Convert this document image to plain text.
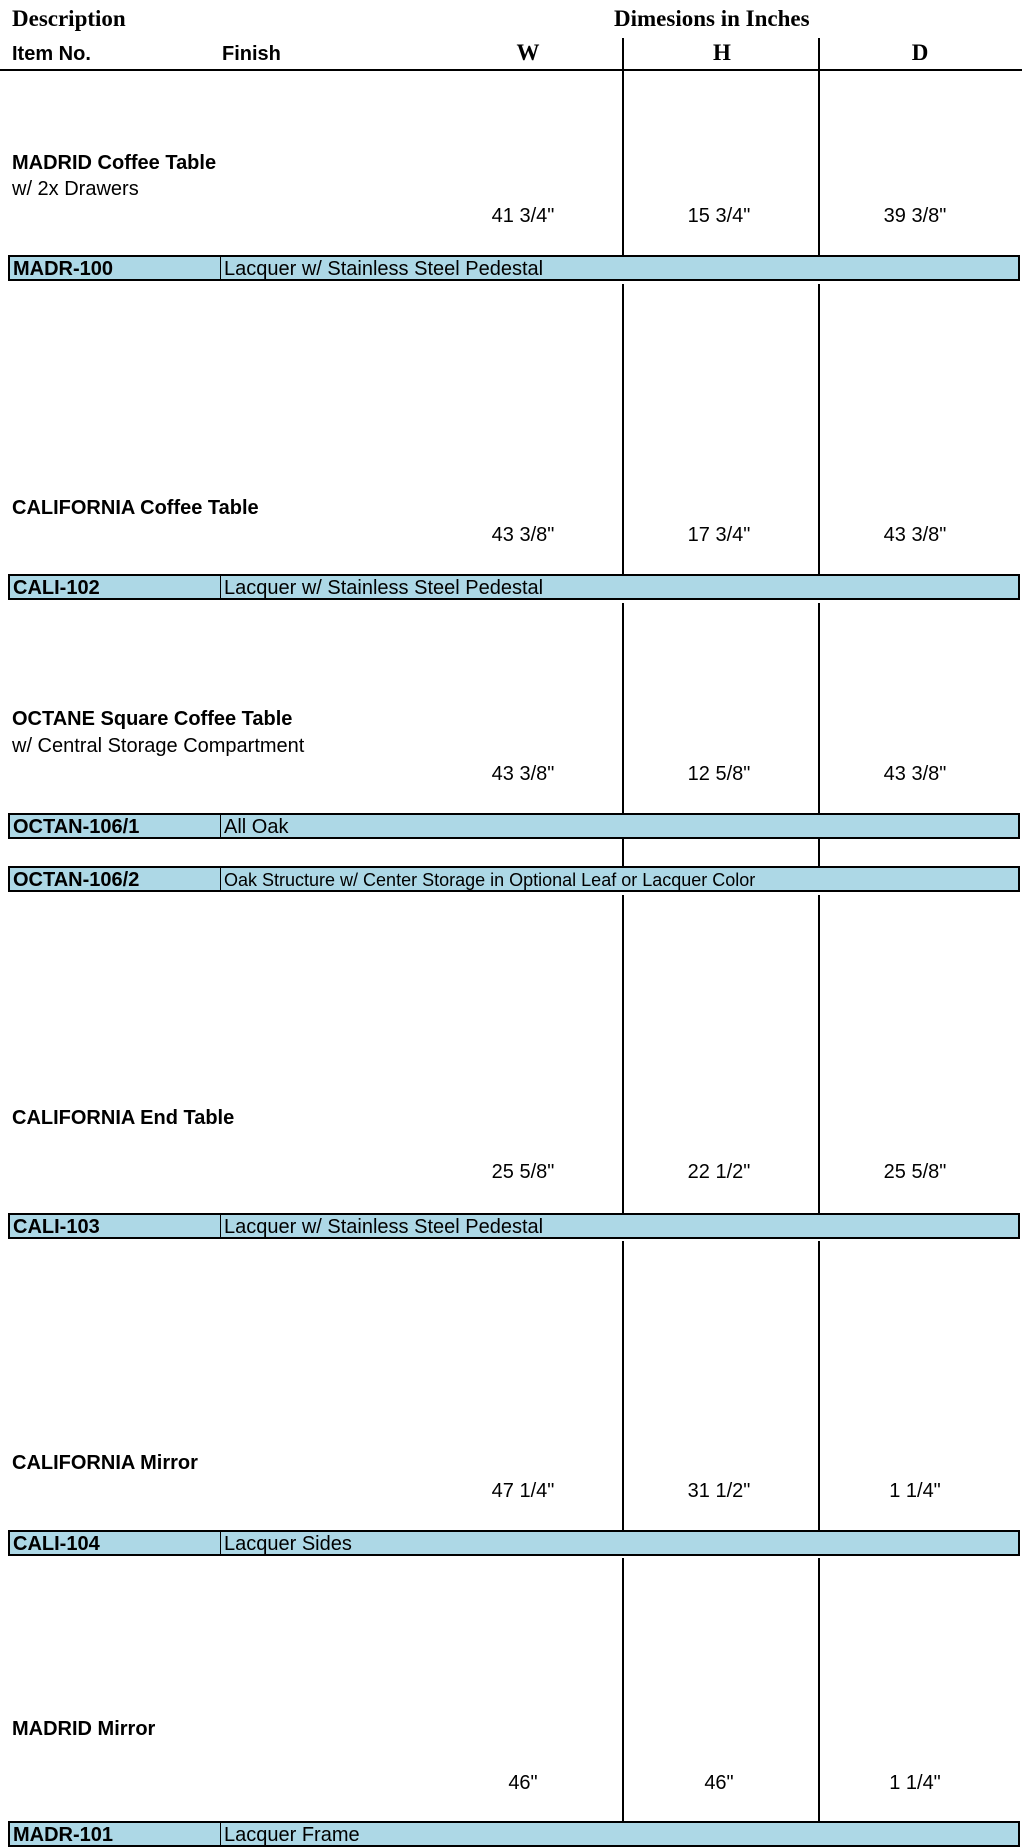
Description	Dimesions in Inches
Item No.	Finish	W	H	D
MADRID Coffee Table
w/ 2x Drawers
41 3/4"	15 3/4"	39 3/8"
MADR-100	Lacquer w/ Stainless Steel Pedestal
CALIFORNIA Coffee Table
43 3/8"	17 3/4"	43 3/8"
CALI-102	Lacquer w/ Stainless Steel Pedestal
OCTANE Square Coffee Table
w/ Central Storage Compartment
43 3/8"	12 5/8"	43 3/8"
OCTAN-106/1	All Oak
OCTAN-106/2	Oak Structure w/ Center Storage in Optional Leaf or Lacquer Color
CALIFORNIA End Table
25 5/8"	22 1/2"	25 5/8"
CALI-103	Lacquer w/ Stainless Steel Pedestal
CALIFORNIA Mirror
47 1/4"	31 1/2"	1 1/4"
CALI-104	Lacquer Sides
MADRID Mirror
46"	46"	1 1/4"
MADR-101	Lacquer Frame
